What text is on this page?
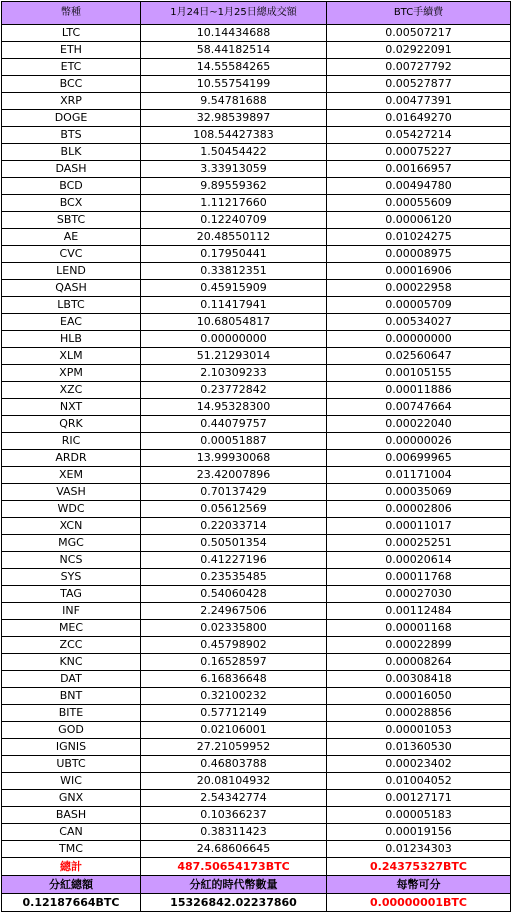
幣種	1月24日~1月25日總成交額	BTC手續費
LTC	10.14434688	0.00507217
ETH	58.44182514	0.02922091
ETC	14.55584265	0.00727792
BCC	10.55754199	0.00527877
XRP	9.54781688	0.00477391
DOGE	32.98539897	0.01649270
BTS	108.54427383	0.05427214
BLK	1.50454422	0.00075227
DASH	3.33913059	0.00166957
BCD	9.89559362	0.00494780
BCX	1.11217660	0.00055609
SBTC	0.12240709	0.00006120
AE	20.48550112	0.01024275
CVC	0.17950441	0.00008975
LEND	0.33812351	0.00016906
QASH	0.45915909	0.00022958
LBTC	0.11417941	0.00005709
EAC	10.68054817	0.00534027
HLB	0.00000000	0.00000000
XLM	51.21293014	0.02560647
XPM	2.10309233	0.00105155
XZC	0.23772842	0.00011886
NXT	14.95328300	0.00747664
QRK	0.44079757	0.00022040
RIC	0.00051887	0.00000026
ARDR	13.99930068	0.00699965
XEM	23.42007896	0.01171004
VASH	0.70137429	0.00035069
WDC	0.05612569	0.00002806
XCN	0.22033714	0.00011017
MGC	0.50501354	0.00025251
NCS	0.41227196	0.00020614
SYS	0.23535485	0.00011768
TAG	0.54060428	0.00027030
INF	2.24967506	0.00112484
MEC	0.02335800	0.00001168
ZCC	0.45798902	0.00022899
KNC	0.16528597	0.00008264
DAT	6.16836648	0.00308418
BNT	0.32100232	0.00016050
BITE	0.57712149	0.00028856
GOD	0.02106001	0.00001053
IGNIS	27.21059952	0.01360530
UBTC	0.46803788	0.00023402
WIC	20.08104932	0.01004052
GNX	2.54342774	0.00127171
BASH	0.10366237	0.00005183
CAN	0.38311423	0.00019156
TMC	24.68606645	0.01234303
總計	487.50654173BTC	0.24375327BTC
分紅總額	分紅的時代幣數量	每幣可分
0.12187664BTC	15326842.02237860	0.00000001BTC
